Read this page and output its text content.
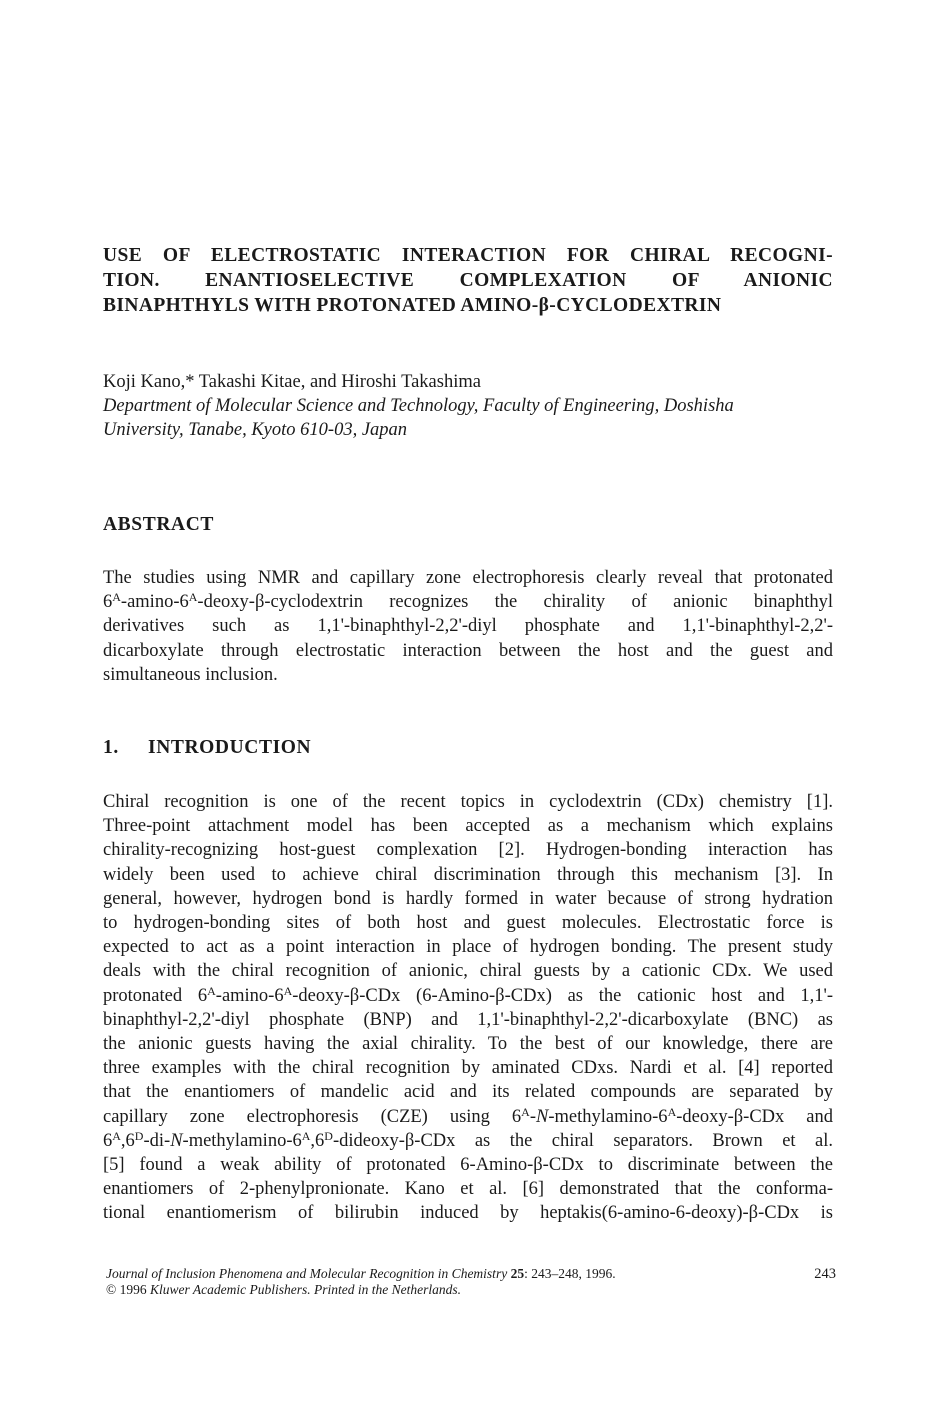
USE OF ELECTROSTATIC INTERACTION FOR CHIRAL RECOGNI-
TION. ENANTIOSELECTIVE COMPLEXATION OF ANIONIC
BINAPHTHYLS WITH PROTONATED AMINO-β-CYCLODEXTRIN
Koji Kano,* Takashi Kitae, and Hiroshi Takashima
Department of Molecular Science and Technology, Faculty of Engineering, Doshisha
University, Tanabe, Kyoto 610-03, Japan
ABSTRACT
The studies using NMR and capillary zone electrophoresis clearly reveal that protonated
$6^A-amino-6^A-deoxy-\beta$-cyclodextrin recognizes the chirality of anionic binaphthyl
derivatives such as 1,1'-binaphthyl-2,2'-diyl phosphate and 1,1'-binaphthyl-2,2'-
dicarboxylate through electrostatic interaction between the host and the guest and
simultaneous inclusion.
1. INTRODUCTION
Chiral recognition is one of the recent topics in cyclodextrin (CDx) chemistry [1].
Three-point attachment model has been accepted as a mechanism which explains
chirality-recognizing host-guest complexation [2]. Hydrogen-bonding interaction has
widely been used to achieve chiral discrimination through this mechanism [3]. In
general, however, hydrogen bond is hardly formed in water because of strong hydration
to hydrogen-bonding sites of both host and guest molecules. Electrostatic force is
expected to act as a point interaction in place of hydrogen bonding. The present study
deals with the chiral recognition of anionic, chiral guests by a cationic CDx. We used
protonated $6^A-amino-6^A-deoxy-\beta$-CDx (6-Amino-β-CDx) as the cationic host and 1,1'-
binaphthyl-2,2'-diyl phosphate (BNP) and 1,1'-binaphthyl-2,2'-dicarboxylate (BNC) as
the anionic guests having the axial chirality. To the best of our knowledge, there are
three examples with the chiral recognition by aminated CDxs. Nardi et al. [4] reported
that the enantiomers of mandelic acid and its related compounds are separated by
capillary zone electrophoresis (CZE) using $6^A-N-methylamino-6^A-deoxy-\beta$-CDx and
$6^A,6^D-di-N-methylamino-6^A,6^D-dideoxy-\beta$-CDx as the chiral separators. Brown et al.
[5] found a weak ability of protonated 6-Amino-β-CDx to discriminate between the
enantiomers of 2-phenylpronionate. Kano et al. [6] demonstrated that the conforma-
tional enantiomerism of bilirubin induced by heptakis(6-amino-6-deoxy)-β-CDx is
Journal of Inclusion Phenomena and Molecular Recognition in Chemistry 25: 243–248, 1996.
© 1996 Kluwer Academic Publishers. Printed in the Netherlands.
243
